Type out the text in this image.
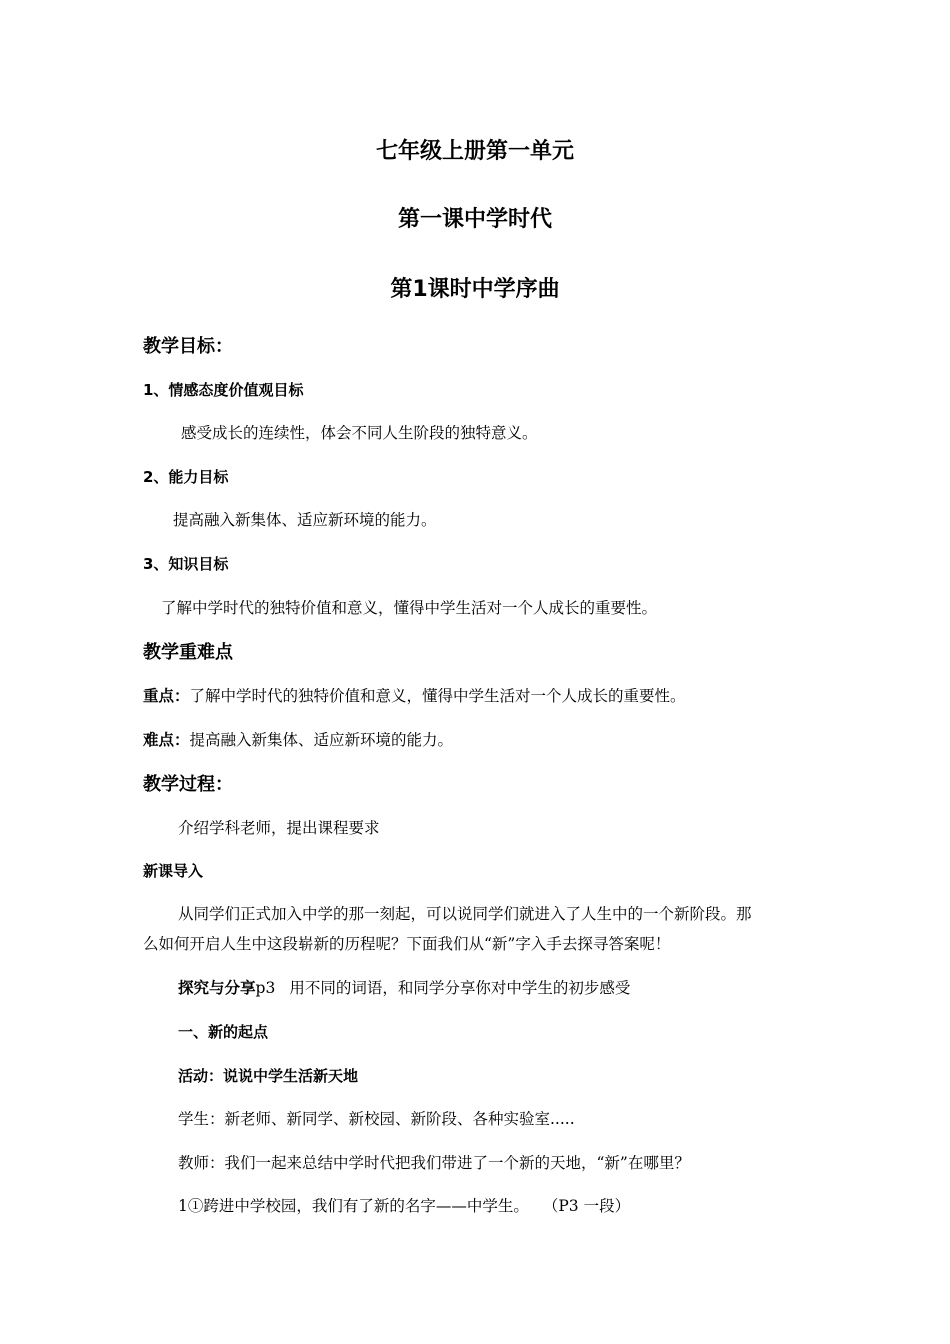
七年级上册第一单元
第一课中学时代
第1课时中学序曲
教学目标：
1、情感态度价值观目标
感受成长的连续性，体会不同人生阶段的独特意义。
2、能力目标
提高融入新集体、适应新环境的能力。
3、知识目标
了解中学时代的独特价值和意义，懂得中学生活对一个人成长的重要性。
教学重难点
重点：了解中学时代的独特价值和意义，懂得中学生活对一个人成长的重要性。
难点：提高融入新集体、适应新环境的能力。
教学过程：
介绍学科老师，提出课程要求
新课导入
从同学们正式加入中学的那一刻起，可以说同学们就进入了人生中的一个新阶段。那
么如何开启人生中这段崭新的历程呢？下面我们从“新”字入手去探寻答案呢！
探究与分享p3 用不同的词语，和同学分享你对中学生的初步感受
一、新的起点
活动：说说中学生活新天地
学生：新老师、新同学、新校园、新阶段、各种实验室.....
教师：我们一起来总结中学时代把我们带进了一个新的天地，“新”在哪里？
1①跨进中学校园，我们有了新的名字——中学生。 （P3 一段）
